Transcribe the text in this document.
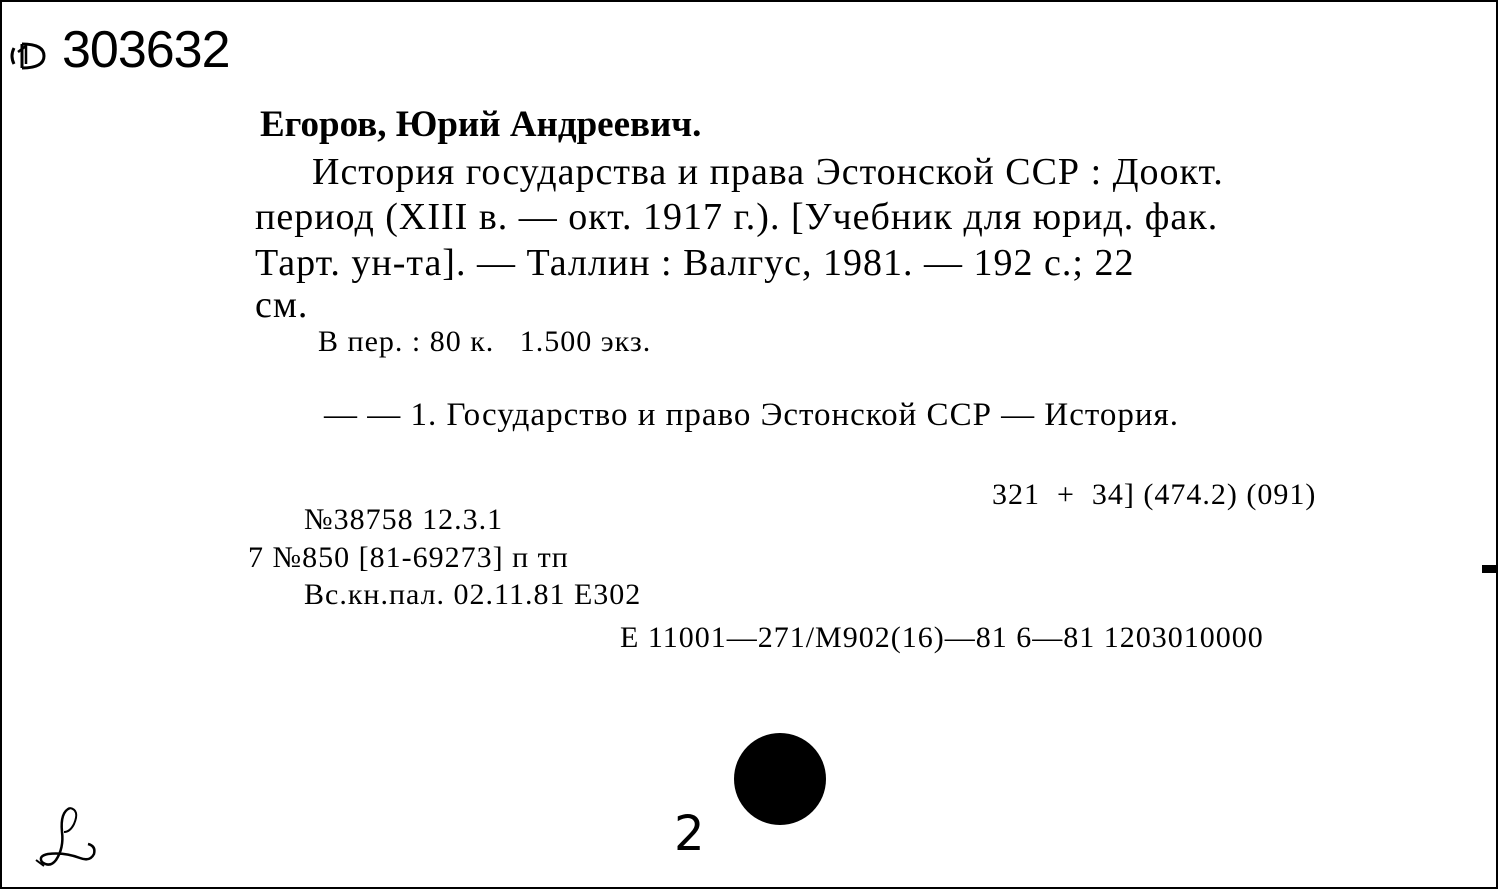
303632
Егоров, Юрий Андреевич.
История государства и права Эстонской ССР : Доокт.
период (XIII в. — окт. 1917 г.). [Учебник для юрид. фак.
Тарт. ун-та]. — Таллин : Валгус, 1981. — 192 с.; 22
см.
В пер. : 80 к.   1.500 экз.
— — 1. Государство и право Эстонской ССР — История.
321  +  34] (474.2) (091)
№38758 12.3.1
7 №850 [81-69273] п тп
Вс.кн.пал. 02.11.81 Е302
Е 11001—271/М902(16)—81 6—81 1203010000
2
